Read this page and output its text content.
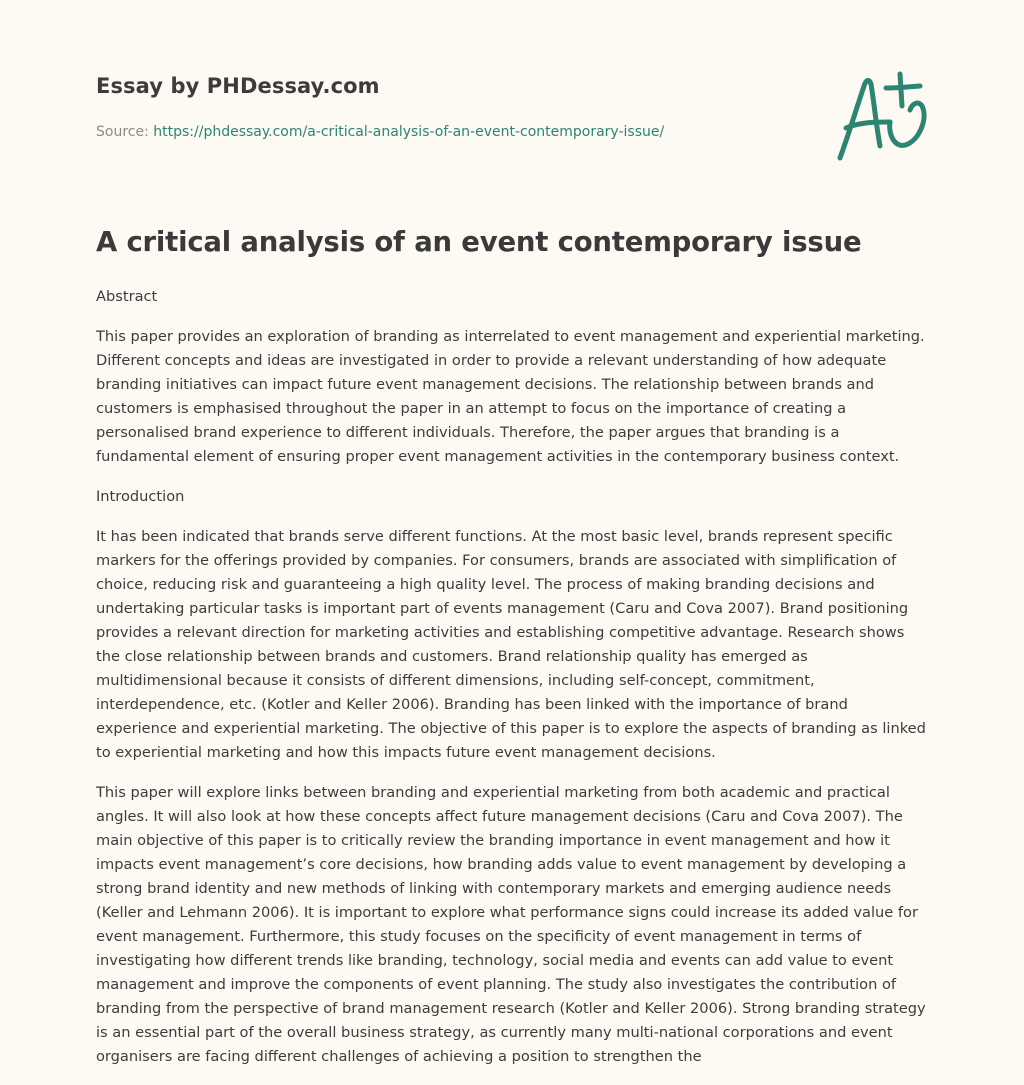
Essay by PHDessay.com
Source: https://phdessay.com/a-critical-analysis-of-an-event-contemporary-issue/
A critical analysis of an event contemporary issue

Abstract

This paper provides an exploration of branding as interrelated to event management and experiential marketing. Different concepts and ideas are investigated in order to provide a relevant understanding of how adequate branding initiatives can impact future event management decisions. The relationship between brands and customers is emphasised throughout the paper in an attempt to focus on the importance of creating a personalised brand experience to different individuals. Therefore, the paper argues that branding is a fundamental element of ensuring proper event management activities in the contemporary business context.

Introduction

It has been indicated that brands serve different functions. At the most basic level, brands represent specific markers for the offerings provided by companies. For consumers, brands are associated with simplification of choice, reducing risk and guaranteeing a high quality level. The process of making branding decisions and undertaking particular tasks is important part of events management (Caru and Cova 2007). Brand positioning provides a relevant direction for marketing activities and establishing competitive advantage. Research shows the close relationship between brands and customers. Brand relationship quality has emerged as multidimensional because it consists of different dimensions, including self-concept, commitment, interdependence, etc. (Kotler and Keller 2006). Branding has been linked with the importance of brand experience and experiential marketing. The objective of this paper is to explore the aspects of branding as linked to experiential marketing and how this impacts future event management decisions.

This paper will explore links between branding and experiential marketing from both academic and practical angles. It will also look at how these concepts affect future management decisions (Caru and Cova 2007). The main objective of this paper is to critically review the branding importance in event management and how it impacts event management’s core decisions, how branding adds value to event management by developing a strong brand identity and new methods of linking with contemporary markets and emerging audience needs (Keller and Lehmann 2006). It is important to explore what performance signs could increase its added value for event management. Furthermore, this study focuses on the specificity of event management in terms of investigating how different trends like branding, technology, social media and events can add value to event management and improve the components of event planning. The study also investigates the contribution of branding from the perspective of brand management research (Kotler and Keller 2006). Strong branding strategy is an essential part of the overall business strategy, as currently many multi-national corporations and event organisers are facing different challenges of achieving a position to strengthen the
